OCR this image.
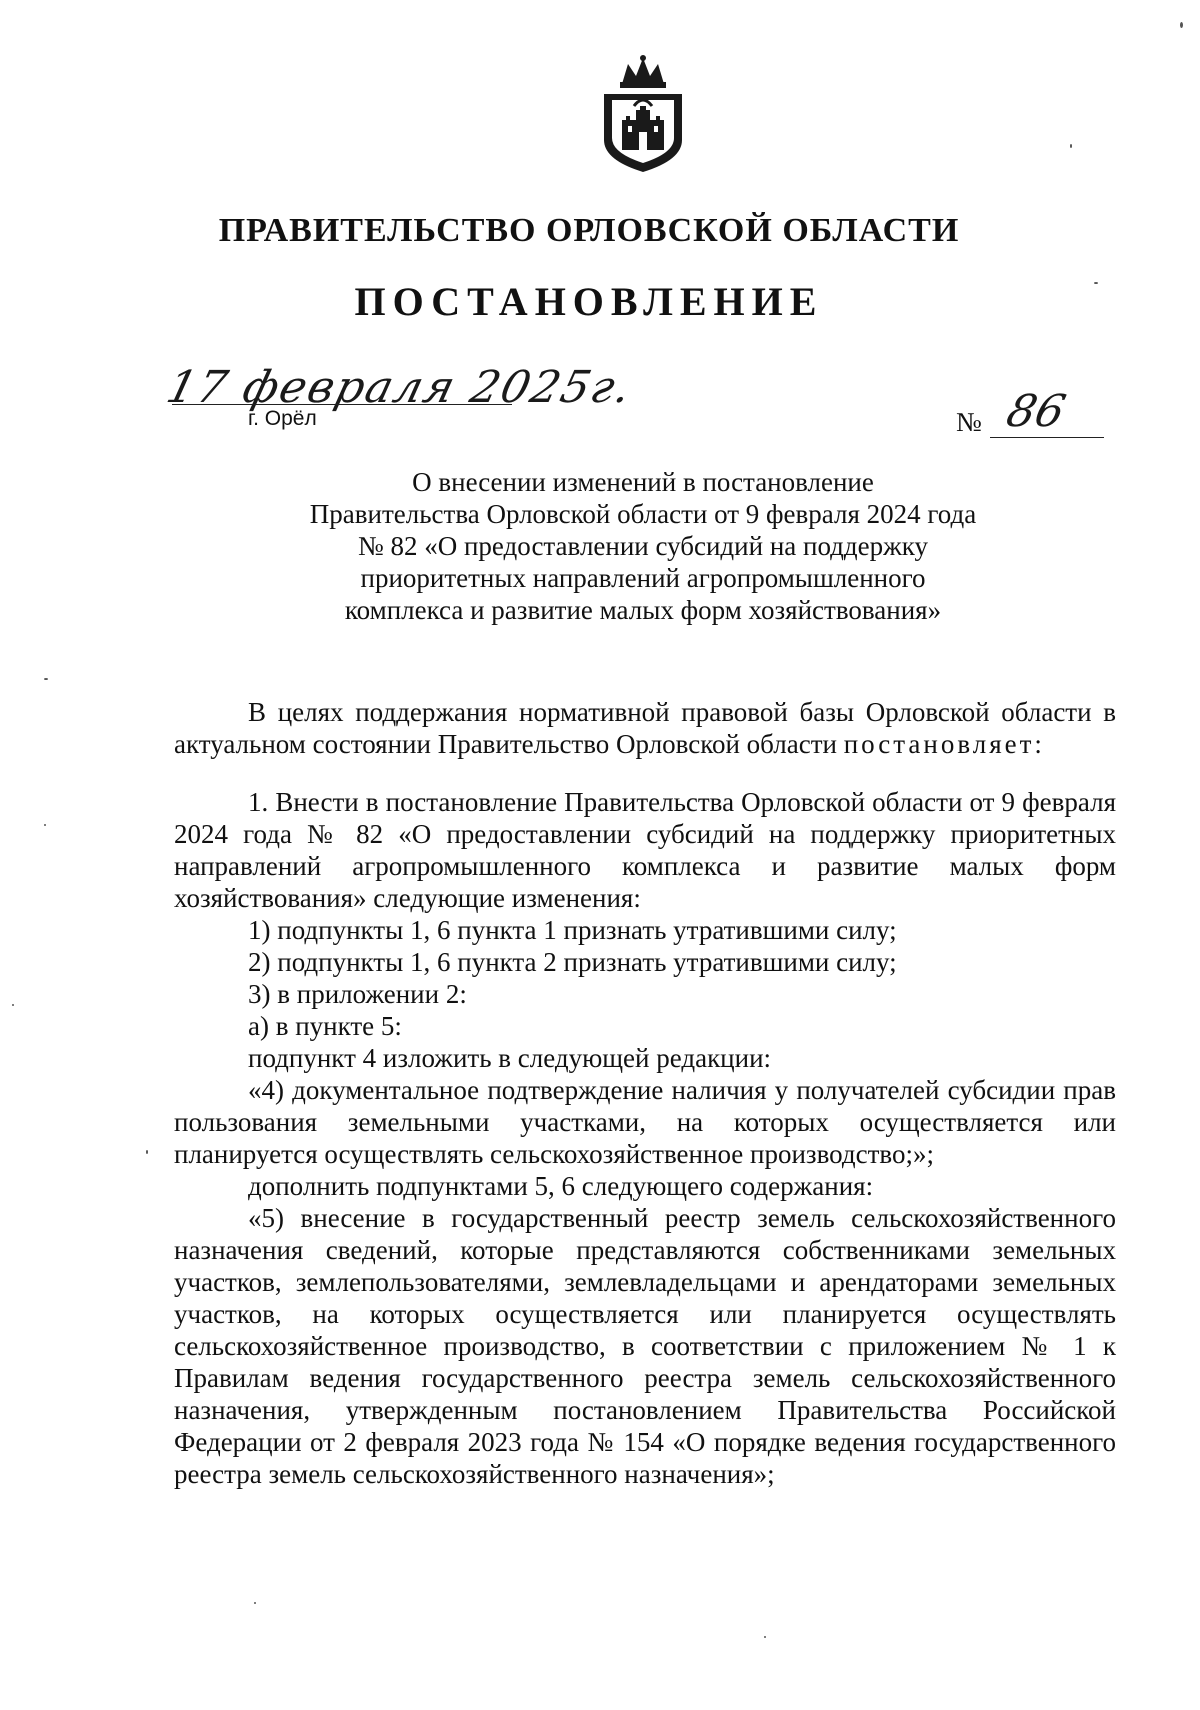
ПРАВИТЕЛЬСТВО ОРЛОВСКОЙ ОБЛАСТИ
ПОСТАНОВЛЕНИЕ
17 февраля 2025г.
г. Орёл	№ 86
О внесении изменений в постановление
Правительства Орловской области от 9 февраля 2024 года
№ 82 «О предоставлении субсидий на поддержку
приоритетных направлений агропромышленного
комплекса и развитие малых форм хозяйствования»

В целях поддержания нормативной правовой базы Орловской области в актуальном состоянии Правительство Орловской области постановляет:

1. Внести в постановление Правительства Орловской области от 9 февраля 2024 года № 82 «О предоставлении субсидий на поддержку приоритетных направлений агропромышленного комплекса и развитие малых форм хозяйствования» следующие изменения:

1) подпункты 1, 6 пункта 1 признать утратившими силу;

2) подпункты 1, 6 пункта 2 признать утратившими силу;

3) в приложении 2:

а) в пункте 5:

подпункт 4 изложить в следующей редакции:

«4) документальное подтверждение наличия у получателей субсидии прав пользования земельными участками, на которых осуществляется или планируется осуществлять сельскохозяйственное производство;»;

дополнить подпунктами 5, 6 следующего содержания:

«5) внесение в государственный реестр земель сельскохозяйственного назначения сведений, которые представляются собственниками земельных участков, землепользователями, землевладельцами и арендаторами земельных участков, на которых осуществляется или планируется осуществлять сельскохозяйственное производство, в соответствии с приложением № 1 к Правилам ведения государственного реестра земель сельскохозяйственного назначения, утвержденным постановлением Правительства Российской Федерации от 2 февраля 2023 года № 154 «О порядке ведения государственного реестра земель сельскохозяйственного назначения»;
